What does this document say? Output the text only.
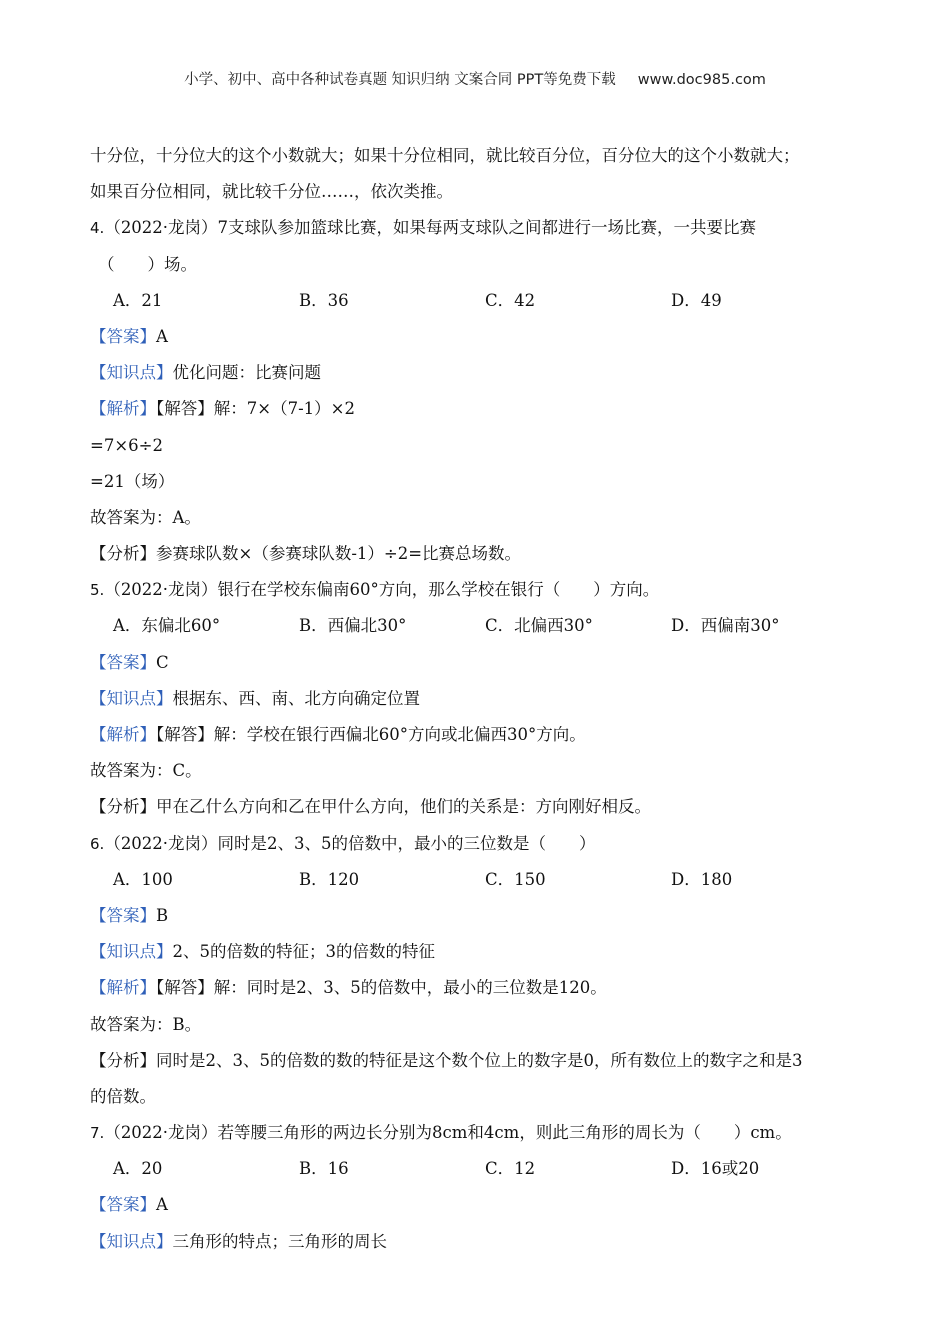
小学、初中、高中各种试卷真题 知识归纳 文案合同 PPT等免费下载 www.doc985.com
十分位，十分位大的这个小数就大；如果十分位相同，就比较百分位，百分位大的这个小数就大；
如果百分位相同，就比较千分位……，依次类推。
4.（2022·龙岗）7支球队参加篮球比赛，如果每两支球队之间都进行一场比赛，一共要比赛
（　　）场。
A．21	B．36	C．42	D．49
【答案】A
【知识点】优化问题：比赛问题
【解析】【解答】解：7×（7-1）×2
=7×6÷2
=21（场）
故答案为：A。
【分析】参赛球队数×（参赛球队数-1）÷2=比赛总场数。
5.（2022·龙岗）银行在学校东偏南60°方向，那么学校在银行（　　）方向。
A．东偏北60°	B．西偏北30°	C．北偏西30°	D．西偏南30°
【答案】C
【知识点】根据东、西、南、北方向确定位置
【解析】【解答】解：学校在银行西偏北60°方向或北偏西30°方向。
故答案为：C。
【分析】甲在乙什么方向和乙在甲什么方向，他们的关系是：方向刚好相反。
6.（2022·龙岗）同时是2、3、5的倍数中，最小的三位数是（　　）
A．100	B．120	C．150	D．180
【答案】B
【知识点】2、5的倍数的特征；3的倍数的特征
【解析】【解答】解：同时是2、3、5的倍数中，最小的三位数是120。
故答案为：B。
【分析】同时是2、3、5的倍数的数的特征是这个数个位上的数字是0，所有数位上的数字之和是3
的倍数。
7.（2022·龙岗）若等腰三角形的两边长分别为8cm和4cm，则此三角形的周长为（　　）cm。
A．20	B．16	C．12	D．16或20
【答案】A
【知识点】三角形的特点；三角形的周长
